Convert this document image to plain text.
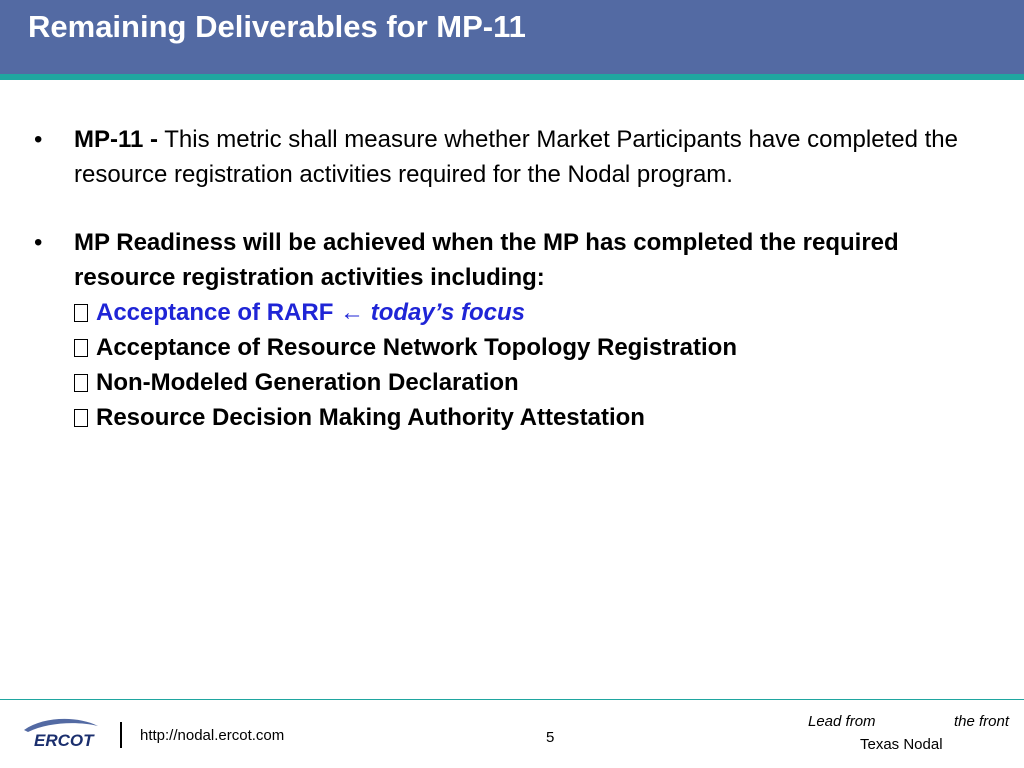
Remaining Deliverables for MP-11
• MP-11 - This metric shall measure whether Market Participants have completed the resource registration activities required for the Nodal program.
• MP Readiness will be achieved when the MP has completed the required resource registration activities including:
Acceptance of RARF ← today’s focus
Acceptance of Resource Network Topology Registration
Non-Modeled Generation Declaration
Resource Decision Making Authority Attestation
ERCOT	http://nodal.ercot.com	5
Lead from	the front
Texas Nodal
